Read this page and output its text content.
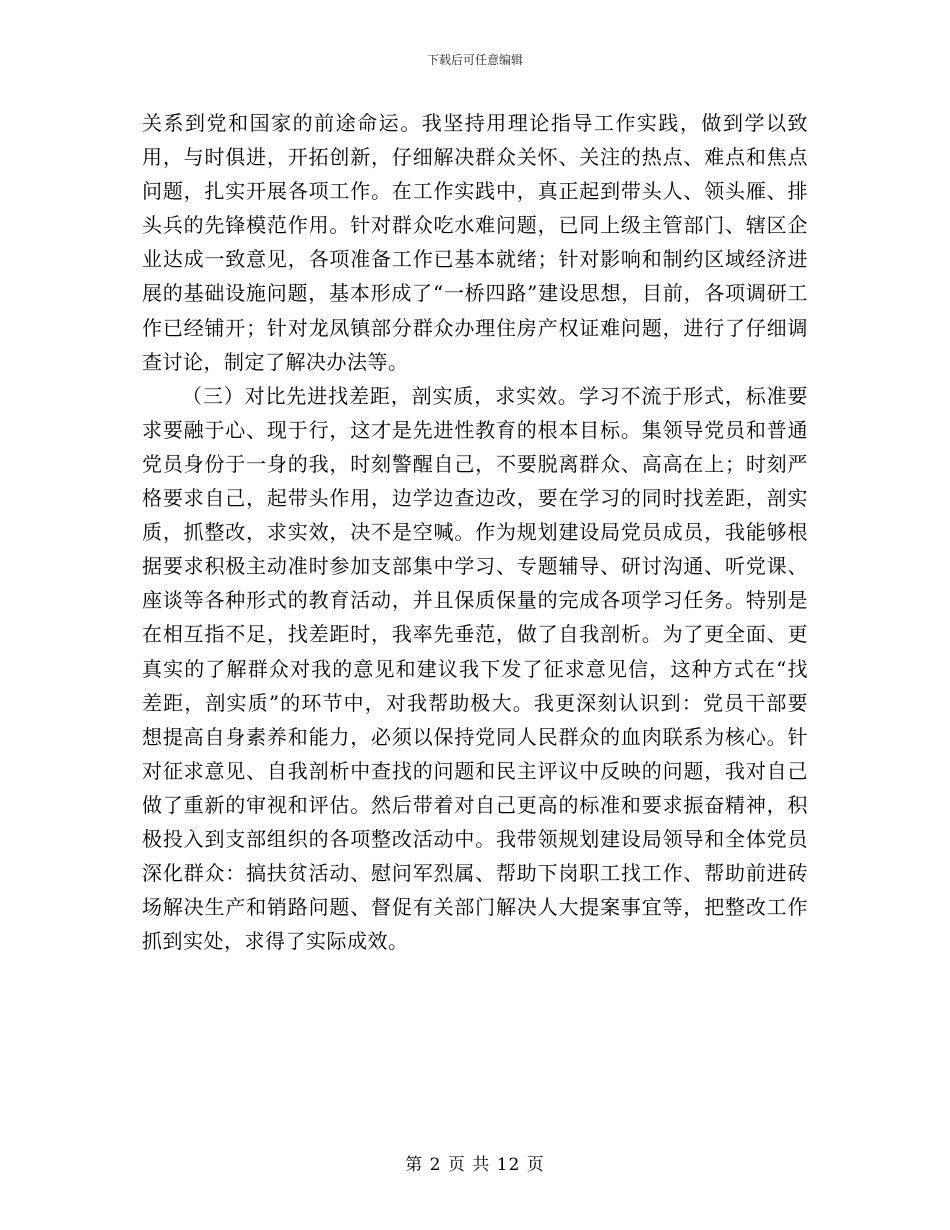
下载后可任意编辑

关系到党和国家的前途命运。我坚持用理论指导工作实践，做到学以致用，与时俱进，开拓创新，仔细解决群众关怀、关注的热点、难点和焦点问题，扎实开展各项工作。在工作实践中，真正起到带头人、领头雁、排头兵的先锋模范作用。针对群众吃水难问题，已同上级主管部门、辖区企业达成一致意见，各项准备工作已基本就绪；针对影响和制约区域经济进展的基础设施问题，基本形成了“一桥四路”建设思想，目前，各项调研工作已经铺开；针对龙凤镇部分群众办理住房产权证难问题，进行了仔细调查讨论，制定了解决办法等。

（三）对比先进找差距，剖实质，求实效。学习不流于形式，标准要求要融于心、现于行，这才是先进性教育的根本目标。集领导党员和普通党员身份于一身的我，时刻警醒自己，不要脱离群众、高高在上；时刻严格要求自己，起带头作用，边学边查边改，要在学习的同时找差距，剖实质，抓整改，求实效，决不是空喊。作为规划建设局党员成员，我能够根据要求积极主动准时参加支部集中学习、专题辅导、研讨沟通、听党课、座谈等各种形式的教育活动，并且保质保量的完成各项学习任务。特别是在相互指不足，找差距时，我率先垂范，做了自我剖析。为了更全面、更真实的了解群众对我的意见和建议我下发了征求意见信，这种方式在“找差距，剖实质”的环节中，对我帮助极大。我更深刻认识到：党员干部要想提高自身素养和能力，必须以保持党同人民群众的血肉联系为核心。针对征求意见、自我剖析中查找的问题和民主评议中反映的问题，我对自己做了重新的审视和评估。然后带着对自己更高的标准和要求振奋精神，积极投入到支部组织的各项整改活动中。我带领规划建设局领导和全体党员深化群众：搞扶贫活动、慰问军烈属、帮助下岗职工找工作、帮助前进砖场解决生产和销路问题、督促有关部门解决人大提案事宜等，把整改工作抓到实处，求得了实际成效。

第 2 页 共 12 页
